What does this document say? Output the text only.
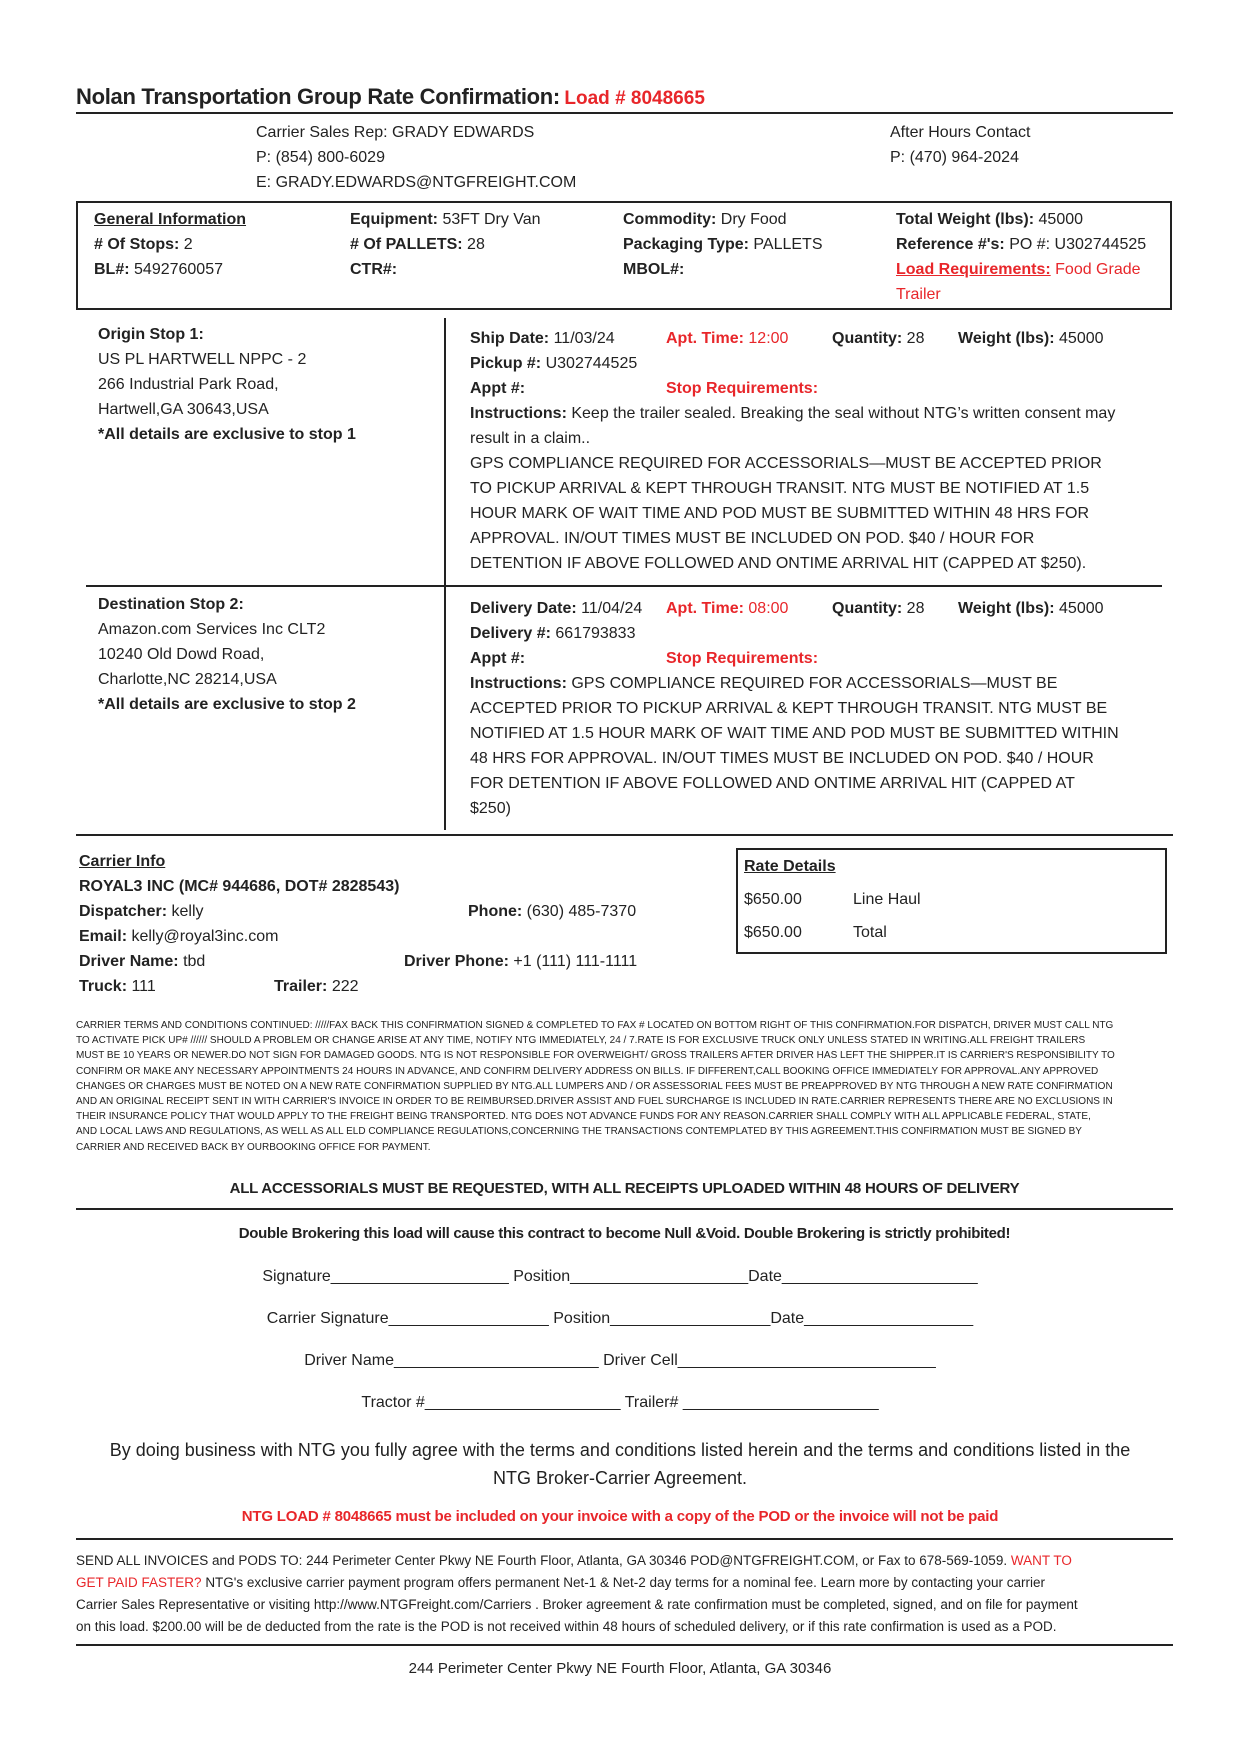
Nolan Transportation Group Rate Confirmation: Load # 8048665
Carrier Sales Rep: GRADY EDWARDS
P: (854) 800-6029
E: GRADY.EDWARDS@NTGFREIGHT.COM
After Hours Contact
P: (470) 964-2024
General Information
# Of Stops: 2
BL#: 5492760057
Equipment: 53FT Dry Van
# Of PALLETS: 28
CTR#:
Commodity: Dry Food
Packaging Type: PALLETS
MBOL#:
Total Weight (lbs): 45000
Reference #'s: PO #: U302744525
Load Requirements: Food Grade
Trailer
Origin Stop 1:
US PL HARTWELL NPPC - 2
266 Industrial Park Road,
Hartwell,GA 30643,USA
*All details are exclusive to stop 1
Ship Date: 11/03/24	Apt. Time: 12:00	Quantity: 28 Weight (lbs): 45000
Pickup #: U302744525
Appt #:	Stop Requirements:
Instructions: Keep the trailer sealed. Breaking the seal without NTG’s written consent may
result in a claim..
GPS COMPLIANCE REQUIRED FOR ACCESSORIALS—MUST BE ACCEPTED PRIOR
TO PICKUP ARRIVAL & KEPT THROUGH TRANSIT. NTG MUST BE NOTIFIED AT 1.5
HOUR MARK OF WAIT TIME AND POD MUST BE SUBMITTED WITHIN 48 HRS FOR
APPROVAL. IN/OUT TIMES MUST BE INCLUDED ON POD. $40 / HOUR FOR
DETENTION IF ABOVE FOLLOWED AND ONTIME ARRIVAL HIT (CAPPED AT $250).
Destination Stop 2:
Amazon.com Services Inc CLT2
10240 Old Dowd Road,
Charlotte,NC 28214,USA
*All details are exclusive to stop 2
Delivery Date: 11/04/24 Apt. Time: 08:00	Quantity: 28 Weight (lbs): 45000
Delivery #: 661793833
Appt #:	Stop Requirements:
Instructions: GPS COMPLIANCE REQUIRED FOR ACCESSORIALS—MUST BE
ACCEPTED PRIOR TO PICKUP ARRIVAL & KEPT THROUGH TRANSIT. NTG MUST BE
NOTIFIED AT 1.5 HOUR MARK OF WAIT TIME AND POD MUST BE SUBMITTED WITHIN
48 HRS FOR APPROVAL. IN/OUT TIMES MUST BE INCLUDED ON POD. $40 / HOUR
FOR DETENTION IF ABOVE FOLLOWED AND ONTIME ARRIVAL HIT (CAPPED AT
$250)
Carrier Info
ROYAL3 INC (MC# 944686, DOT# 2828543)
Dispatcher: kelly	Phone: (630) 485-7370
Email: kelly@royal3inc.com
Driver Name: tbd	Driver Phone: +1 (111) 111-1111
Truck: 111	Trailer: 222
Rate Details
$650.00	Line Haul
$650.00	Total
CARRIER TERMS AND CONDITIONS CONTINUED: /////FAX BACK THIS CONFIRMATION SIGNED & COMPLETED TO FAX # LOCATED ON BOTTOM RIGHT OF THIS CONFIRMATION.FOR DISPATCH, DRIVER MUST CALL NTG
TO ACTIVATE PICK UP# ////// SHOULD A PROBLEM OR CHANGE ARISE AT ANY TIME, NOTIFY NTG IMMEDIATELY, 24 / 7.RATE IS FOR EXCLUSIVE TRUCK ONLY UNLESS STATED IN WRITING.ALL FREIGHT TRAILERS
MUST BE 10 YEARS OR NEWER.DO NOT SIGN FOR DAMAGED GOODS. NTG IS NOT RESPONSIBLE FOR OVERWEIGHT/ GROSS TRAILERS AFTER DRIVER HAS LEFT THE SHIPPER.IT IS CARRIER'S RESPONSIBILITY TO
CONFIRM OR MAKE ANY NECESSARY APPOINTMENTS 24 HOURS IN ADVANCE, AND CONFIRM DELIVERY ADDRESS ON BILLS. IF DIFFERENT,CALL BOOKING OFFICE IMMEDIATELY FOR APPROVAL.ANY APPROVED
CHANGES OR CHARGES MUST BE NOTED ON A NEW RATE CONFIRMATION SUPPLIED BY NTG.ALL LUMPERS AND / OR ASSESSORIAL FEES MUST BE PREAPPROVED BY NTG THROUGH A NEW RATE CONFIRMATION
AND AN ORIGINAL RECEIPT SENT IN WITH CARRIER'S INVOICE IN ORDER TO BE REIMBURSED.DRIVER ASSIST AND FUEL SURCHARGE IS INCLUDED IN RATE.CARRIER REPRESENTS THERE ARE NO EXCLUSIONS IN
THEIR INSURANCE POLICY THAT WOULD APPLY TO THE FREIGHT BEING TRANSPORTED. NTG DOES NOT ADVANCE FUNDS FOR ANY REASON.CARRIER SHALL COMPLY WITH ALL APPLICABLE FEDERAL, STATE,
AND LOCAL LAWS AND REGULATIONS, AS WELL AS ALL ELD COMPLIANCE REGULATIONS,CONCERNING THE TRANSACTIONS CONTEMPLATED BY THIS AGREEMENT.THIS CONFIRMATION MUST BE SIGNED BY
CARRIER AND RECEIVED BACK BY OURBOOKING OFFICE FOR PAYMENT.
ALL ACCESSORIALS MUST BE REQUESTED, WITH ALL RECEIPTS UPLOADED WITHIN 48 HOURS OF DELIVERY
Double Brokering this load will cause this contract to become Null &Void. Double Brokering is strictly prohibited!
Signature____________________ Position____________________Date______________________
Carrier Signature__________________ Position__________________Date___________________
Driver Name_______________________ Driver Cell_____________________________
Tractor #______________________ Trailer# ______________________
By doing business with NTG you fully agree with the terms and conditions listed herein and the terms and conditions listed in the
NTG Broker-Carrier Agreement.
NTG LOAD # 8048665 must be included on your invoice with a copy of the POD or the invoice will not be paid
SEND ALL INVOICES and PODS TO: 244 Perimeter Center Pkwy NE Fourth Floor, Atlanta, GA 30346 POD@NTGFREIGHT.COM, or Fax to 678-569-1059. WANT TO
GET PAID FASTER? NTG's exclusive carrier payment program offers permanent Net-1 & Net-2 day terms for a nominal fee. Learn more by contacting your carrier
Carrier Sales Representative or visiting http://www.NTGFreight.com/Carriers . Broker agreement & rate confirmation must be completed, signed, and on file for payment
on this load. $200.00 will be de deducted from the rate is the POD is not received within 48 hours of scheduled delivery, or if this rate confirmation is used as a POD.
244 Perimeter Center Pkwy NE Fourth Floor, Atlanta, GA 30346
